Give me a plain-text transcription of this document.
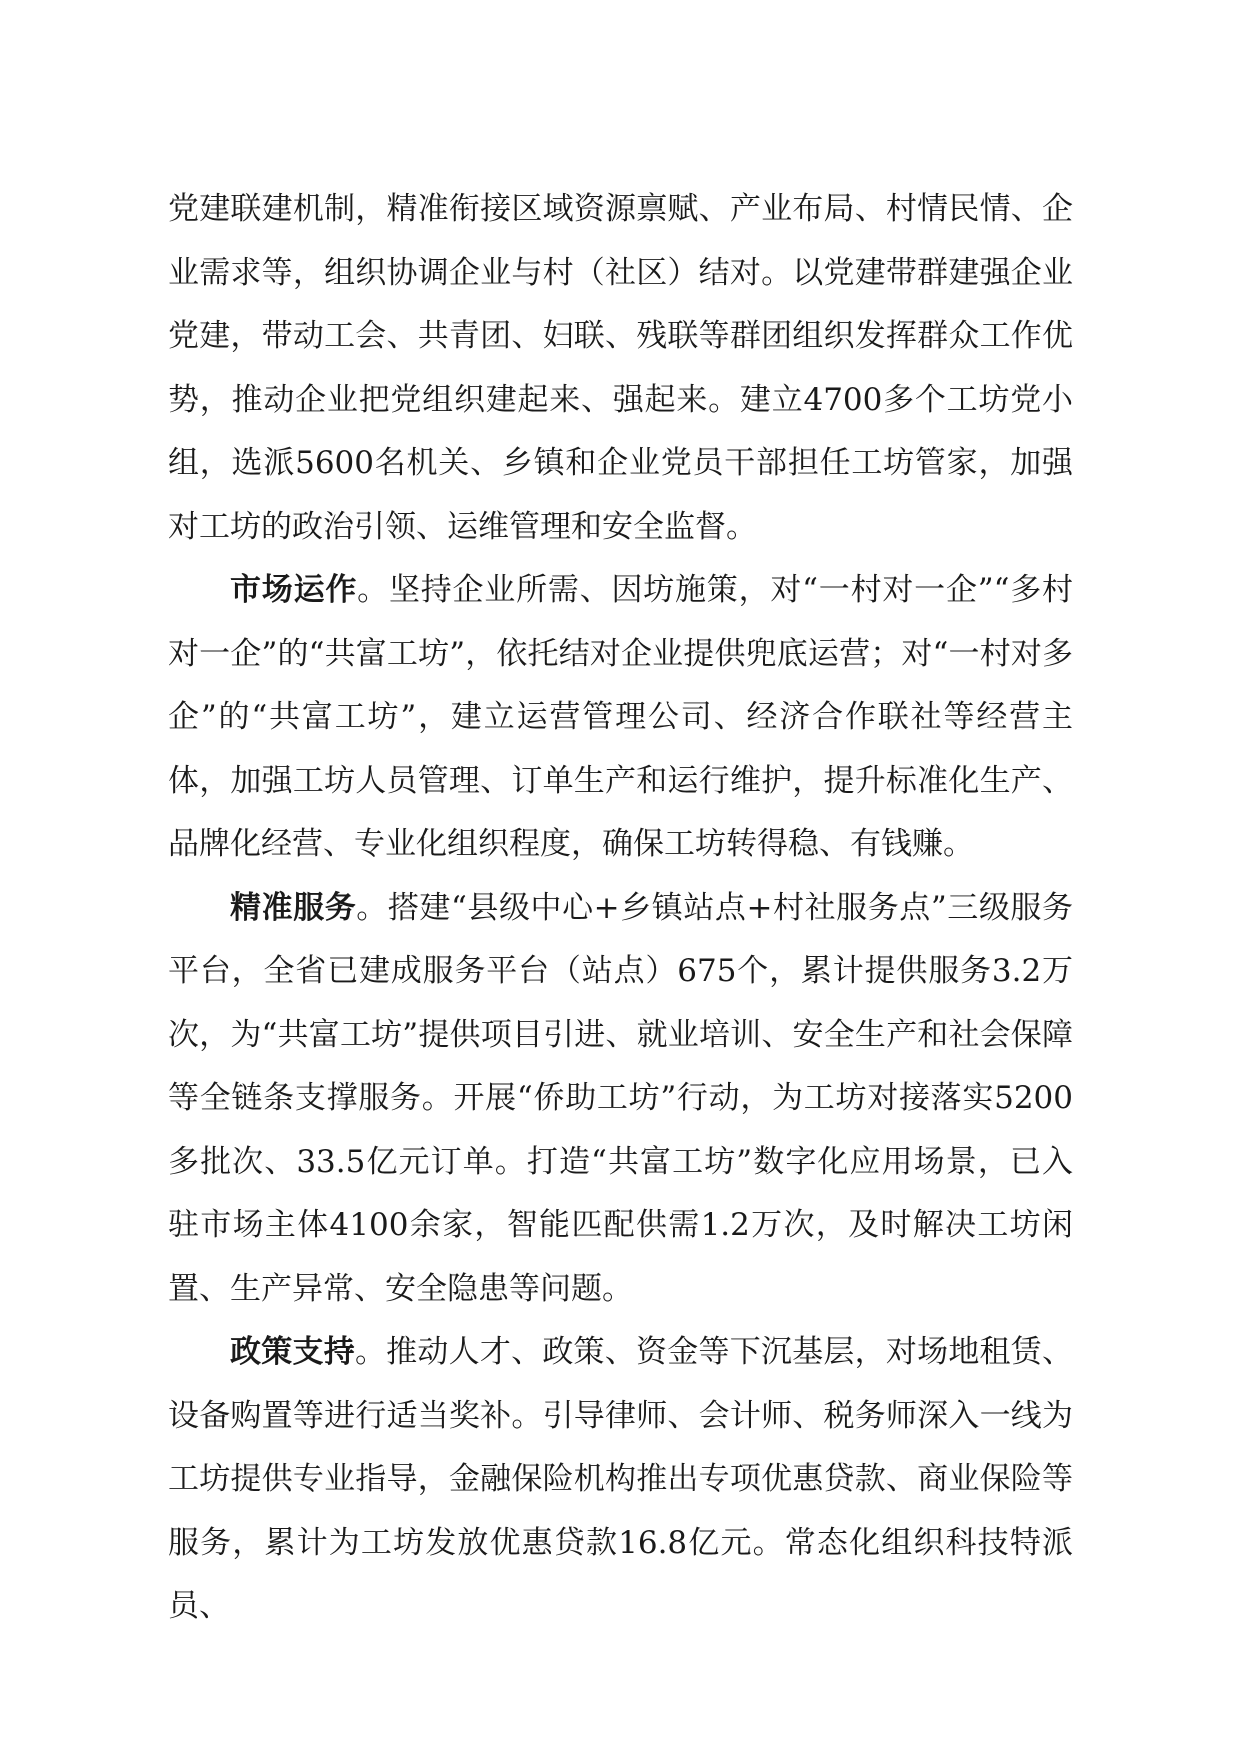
党建联建机制，精准衔接区域资源禀赋、产业布局、村情民情、企业需求等，组织协调企业与村（社区）结对。以党建带群建强企业党建，带动工会、共青团、妇联、残联等群团组织发挥群众工作优势，推动企业把党组织建起来、强起来。建立4700多个工坊党小组，选派5600名机关、乡镇和企业党员干部担任工坊管家，加强对工坊的政治引领、运维管理和安全监督。

市场运作。坚持企业所需、因坊施策，对“一村对一企”“多村对一企”的“共富工坊”，依托结对企业提供兜底运营；对“一村对多企”的“共富工坊”，建立运营管理公司、经济合作联社等经营主体，加强工坊人员管理、订单生产和运行维护，提升标准化生产、品牌化经营、专业化组织程度，确保工坊转得稳、有钱赚。

精准服务。搭建“县级中心+乡镇站点+村社服务点”三级服务平台，全省已建成服务平台（站点）675个，累计提供服务3.2万次，为“共富工坊”提供项目引进、就业培训、安全生产和社会保障等全链条支撑服务。开展“侨助工坊”行动，为工坊对接落实5200多批次、33.5亿元订单。打造“共富工坊”数字化应用场景，已入驻市场主体4100余家，智能匹配供需1.2万次，及时解决工坊闲置、生产异常、安全隐患等问题。

政策支持。推动人才、政策、资金等下沉基层，对场地租赁、设备购置等进行适当奖补。引导律师、会计师、税务师深入一线为工坊提供专业指导，金融保险机构推出专项优惠贷款、商业保险等服务，累计为工坊发放优惠贷款16.8亿元。常态化组织科技特派员、
